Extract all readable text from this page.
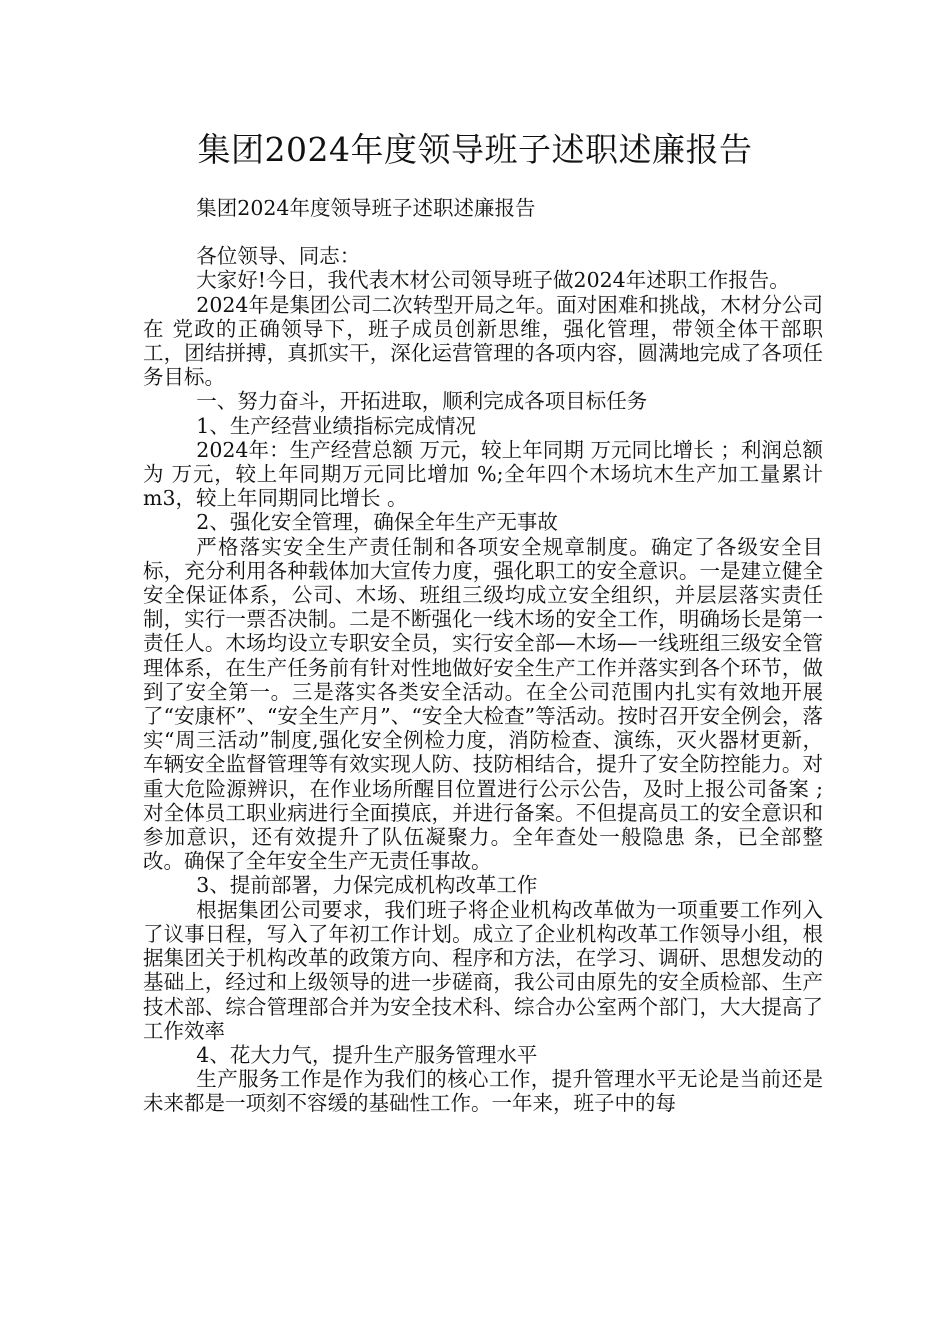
集团2024年度领导班子述职述廉报告

集团2024年度领导班子述职述廉报告

各位领导、同志：

大家好!今日，我代表木材公司领导班子做2024年述职工作报告。

2024年是集团公司二次转型开局之年。面对困难和挑战，木材分公司在 党政的正确领导下，班子成员创新思维，强化管理，带领全体干部职工，团结拼搏，真抓实干，深化运营管理的各项内容，圆满地完成了各项任务目标。

一、努力奋斗，开拓进取，顺利完成各项目标任务

1、生产经营业绩指标完成情况

2024年：生产经营总额 万元，较上年同期 万元同比增长 ；利润总额为 万元，较上年同期万元同比增加 %;全年四个木场坑木生产加工量累计 m3，较上年同期同比增长 。

2、强化安全管理，确保全年生产无事故

严格落实安全生产责任制和各项安全规章制度。确定了各级安全目标，充分利用各种载体加大宣传力度，强化职工的安全意识。一是建立健全安全保证体系，公司、木场、班组三级均成立安全组织，并层层落实责任制，实行一票否决制。二是不断强化一线木场的安全工作，明确场长是第一责任人。木场均设立专职安全员，实行安全部—木场—一线班组三级安全管理体系，在生产任务前有针对性地做好安全生产工作并落实到各个环节，做到了安全第一。三是落实各类安全活动。在全公司范围内扎实有效地开展了“安康杯”、“安全生产月”、“安全大检查”等活动。按时召开安全例会，落实“周三活动”制度,强化安全例检力度，消防检查、演练，灭火器材更新，车辆安全监督管理等有效实现人防、技防相结合，提升了安全防控能力。对重大危险源辨识，在作业场所醒目位置进行公示公告，及时上报公司备案 ;对全体员工职业病进行全面摸底，并进行备案。不但提高员工的安全意识和参加意识，还有效提升了队伍凝聚力。全年查处一般隐患 条，已全部整改。确保了全年安全生产无责任事故。

3、提前部署，力保完成机构改革工作

根据集团公司要求，我们班子将企业机构改革做为一项重要工作列入了议事日程，写入了年初工作计划。成立了企业机构改革工作领导小组，根据集团关于机构改革的政策方向、程序和方法，在学习、调研、思想发动的基础上，经过和上级领导的进一步磋商，我公司由原先的安全质检部、生产技术部、综合管理部合并为安全技术科、综合办公室两个部门，大大提高了工作效率

4、花大力气，提升生产服务管理水平

生产服务工作是作为我们的核心工作，提升管理水平无论是当前还是未来都是一项刻不容缓的基础性工作。一年来，班子中的每
